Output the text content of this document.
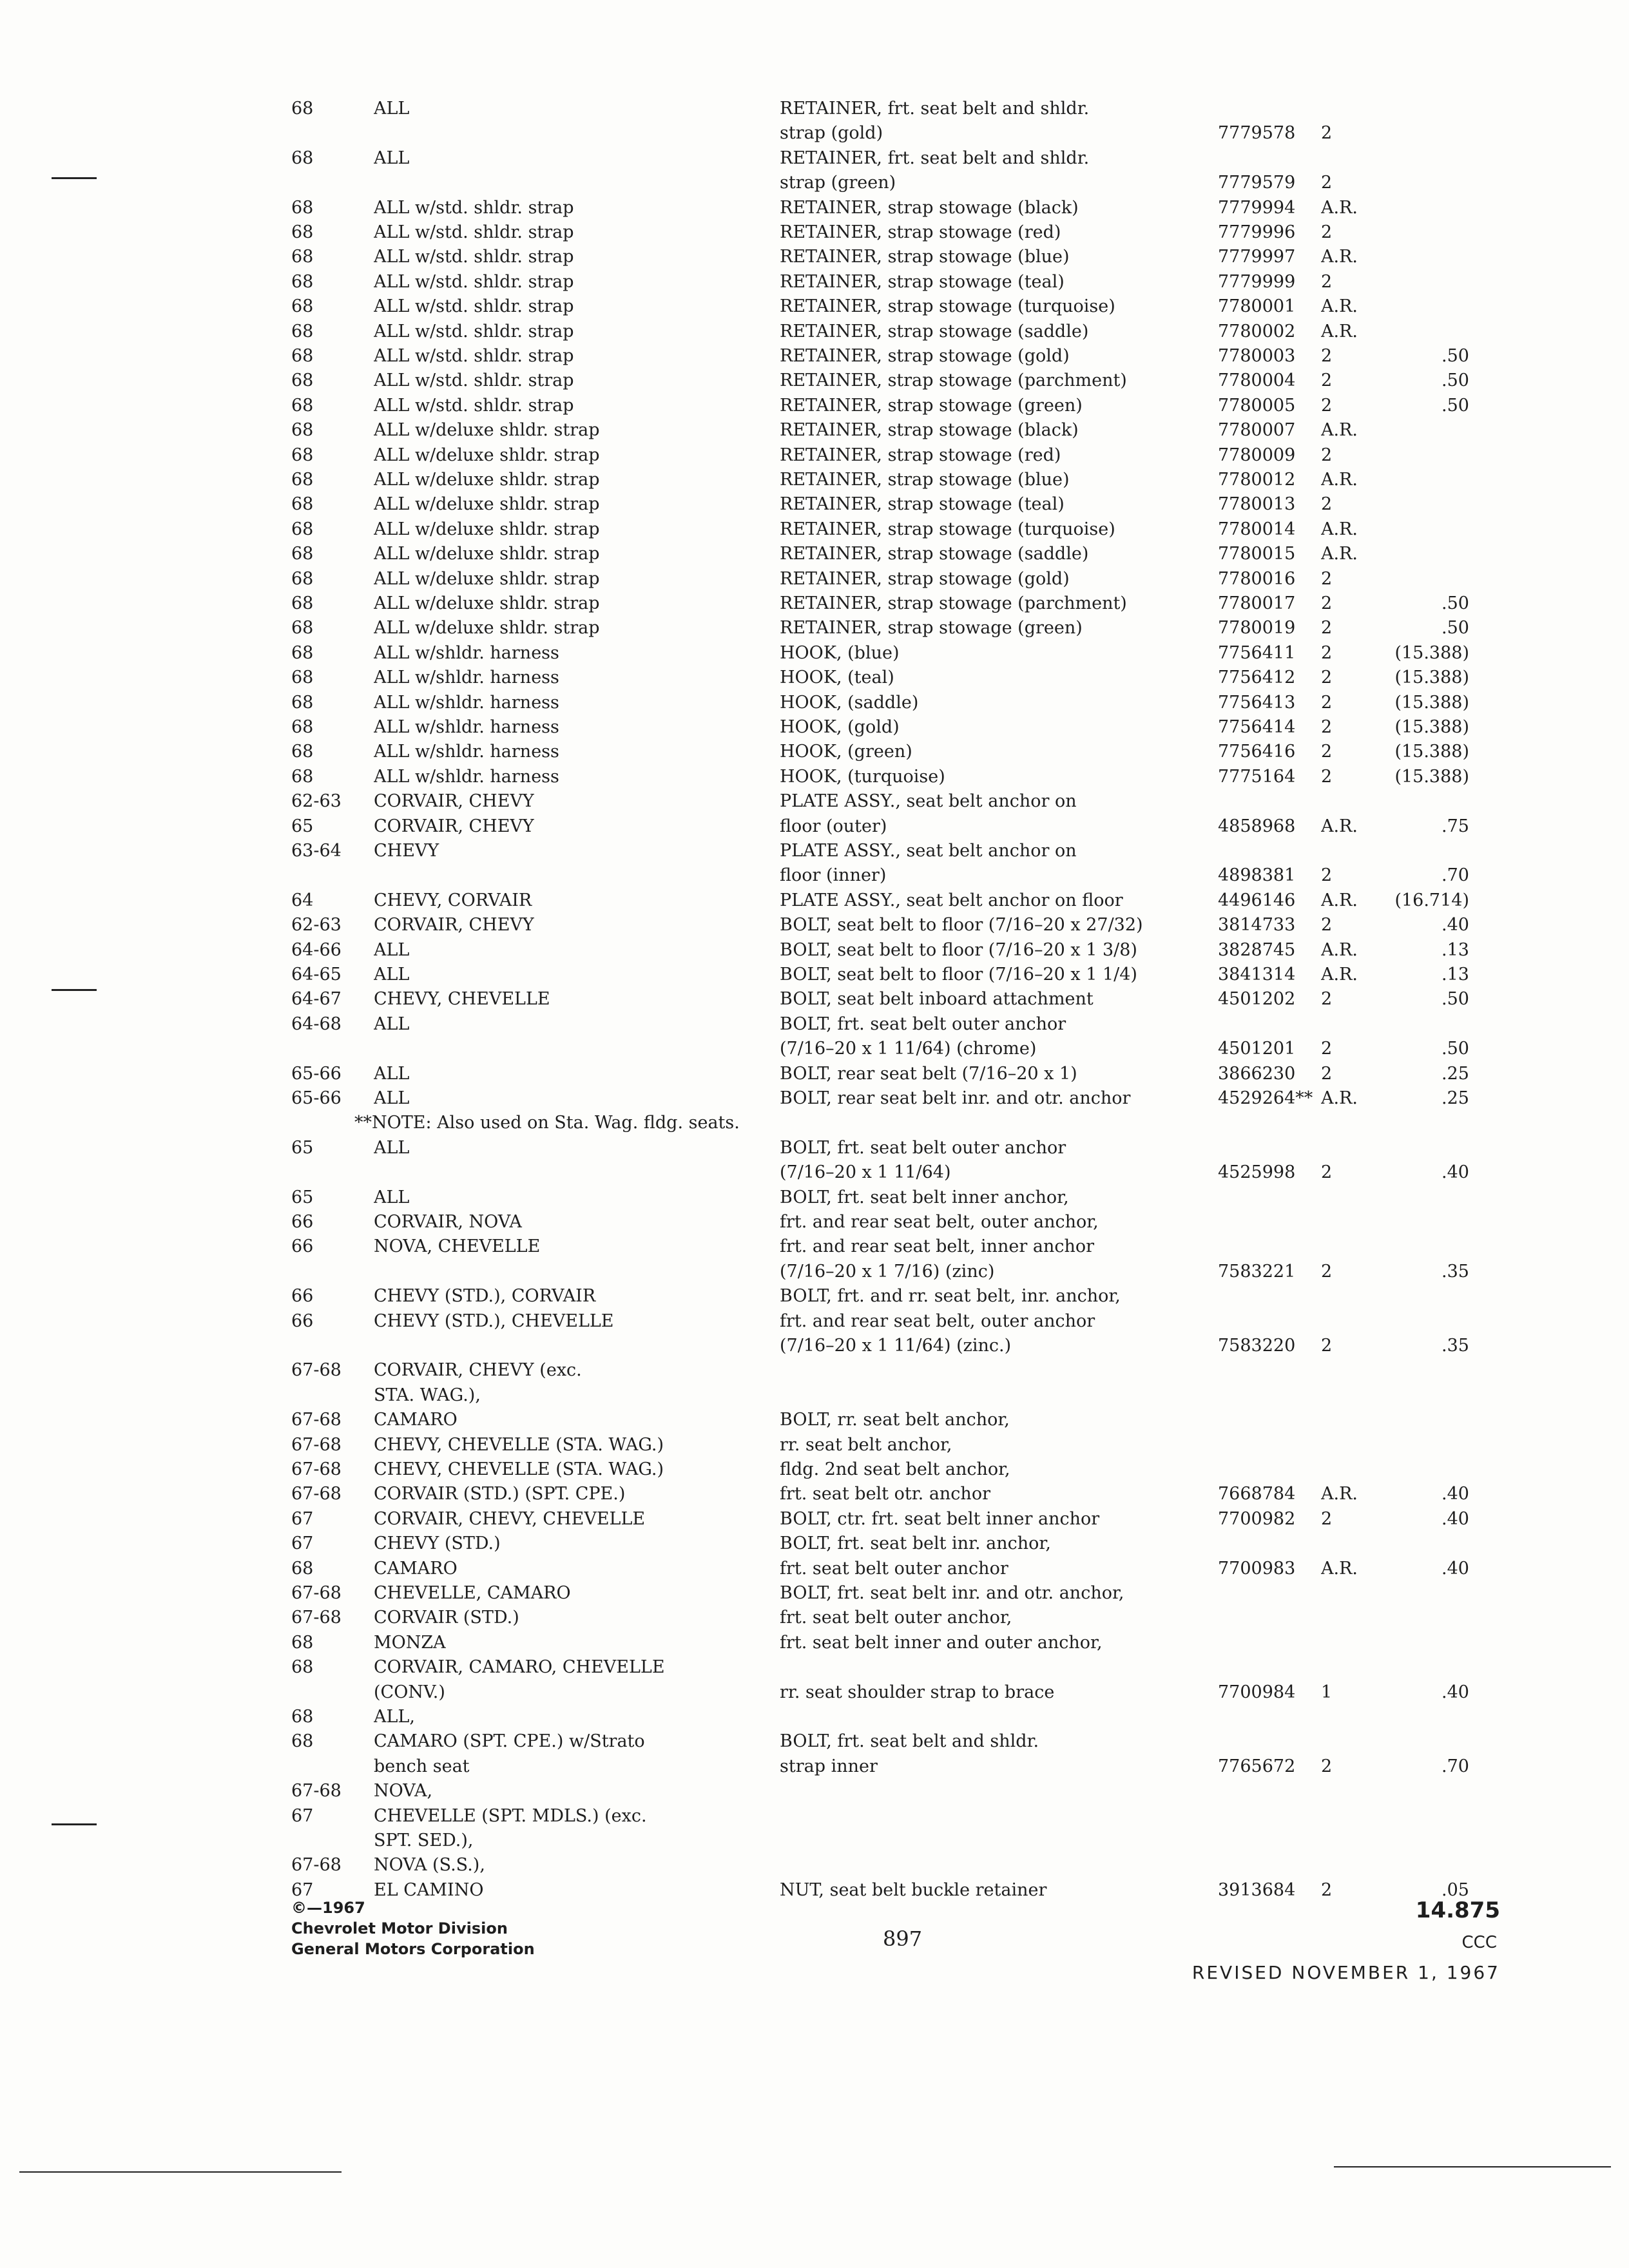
68	ALL	RETAINER, frt. seat belt and shldr.
strap (gold)	7779578	2
68	ALL	RETAINER, frt. seat belt and shldr.
strap (green)	7779579	2
68	ALL w/std. shldr. strap	RETAINER, strap stowage (black)	7779994	A.R.
68	ALL w/std. shldr. strap	RETAINER, strap stowage (red)	7779996	2
68	ALL w/std. shldr. strap	RETAINER, strap stowage (blue)	7779997	A.R.
68	ALL w/std. shldr. strap	RETAINER, strap stowage (teal)	7779999	2
68	ALL w/std. shldr. strap	RETAINER, strap stowage (turquoise)	7780001	A.R.
68	ALL w/std. shldr. strap	RETAINER, strap stowage (saddle)	7780002	A.R.
68	ALL w/std. shldr. strap	RETAINER, strap stowage (gold)	7780003	2	.50
68	ALL w/std. shldr. strap	RETAINER, strap stowage (parchment)	7780004	2	.50
68	ALL w/std. shldr. strap	RETAINER, strap stowage (green)	7780005	2	.50
68	ALL w/deluxe shldr. strap	RETAINER, strap stowage (black)	7780007	A.R.
68	ALL w/deluxe shldr. strap	RETAINER, strap stowage (red)	7780009	2
68	ALL w/deluxe shldr. strap	RETAINER, strap stowage (blue)	7780012	A.R.
68	ALL w/deluxe shldr. strap	RETAINER, strap stowage (teal)	7780013	2
68	ALL w/deluxe shldr. strap	RETAINER, strap stowage (turquoise)	7780014	A.R.
68	ALL w/deluxe shldr. strap	RETAINER, strap stowage (saddle)	7780015	A.R.
68	ALL w/deluxe shldr. strap	RETAINER, strap stowage (gold)	7780016	2
68	ALL w/deluxe shldr. strap	RETAINER, strap stowage (parchment)	7780017	2	.50
68	ALL w/deluxe shldr. strap	RETAINER, strap stowage (green)	7780019	2	.50
68	ALL w/shldr. harness	HOOK, (blue)	7756411	2	(15.388)
68	ALL w/shldr. harness	HOOK, (teal)	7756412	2	(15.388)
68	ALL w/shldr. harness	HOOK, (saddle)	7756413	2	(15.388)
68	ALL w/shldr. harness	HOOK, (gold)	7756414	2	(15.388)
68	ALL w/shldr. harness	HOOK, (green)	7756416	2	(15.388)
68	ALL w/shldr. harness	HOOK, (turquoise)	7775164	2	(15.388)
62-63	CORVAIR, CHEVY	PLATE ASSY., seat belt anchor on
65	CORVAIR, CHEVY	floor (outer)	4858968	A.R.	.75
63-64	CHEVY	PLATE ASSY., seat belt anchor on
floor (inner)	4898381	2	.70
64	CHEVY, CORVAIR	PLATE ASSY., seat belt anchor on floor	4496146	A.R.	(16.714)
62-63	CORVAIR, CHEVY	BOLT, seat belt to floor (7/16–20 x 27/32)	3814733	2	.40
64-66	ALL	BOLT, seat belt to floor (7/16–20 x 1 3/8)	3828745	A.R.	.13
64-65	ALL	BOLT, seat belt to floor (7/16–20 x 1 1/4)	3841314	A.R.	.13
64-67	CHEVY, CHEVELLE	BOLT, seat belt inboard attachment	4501202	2	.50
64-68	ALL	BOLT, frt. seat belt outer anchor
(7/16–20 x 1 11/64) (chrome)	4501201	2	.50
65-66	ALL	BOLT, rear seat belt (7/16–20 x 1)	3866230	2	.25
65-66	ALL	BOLT, rear seat belt inr. and otr. anchor	4529264** A.R.	.25
**NOTE: Also used on Sta. Wag. fldg. seats.
65	ALL	BOLT, frt. seat belt outer anchor
(7/16–20 x 1 11/64)	4525998	2	.40
65	ALL	BOLT, frt. seat belt inner anchor,
66	CORVAIR, NOVA	frt. and rear seat belt, outer anchor,
66	NOVA, CHEVELLE	frt. and rear seat belt, inner anchor
(7/16–20 x 1 7/16) (zinc)	7583221	2	.35
66	CHEVY (STD.), CORVAIR	BOLT, frt. and rr. seat belt, inr. anchor,
66	CHEVY (STD.), CHEVELLE	frt. and rear seat belt, outer anchor
(7/16–20 x 1 11/64) (zinc.)	7583220	2	.35
67-68	CORVAIR, CHEVY (exc.
STA. WAG.),
67-68	CAMARO	BOLT, rr. seat belt anchor,
67-68	CHEVY, CHEVELLE (STA. WAG.)	rr. seat belt anchor,
67-68	CHEVY, CHEVELLE (STA. WAG.)	fldg. 2nd seat belt anchor,
67-68	CORVAIR (STD.) (SPT. CPE.)	frt. seat belt otr. anchor	7668784	A.R.	.40
67	CORVAIR, CHEVY, CHEVELLE	BOLT, ctr. frt. seat belt inner anchor	7700982	2	.40
67	CHEVY (STD.)	BOLT, frt. seat belt inr. anchor,
68	CAMARO	frt. seat belt outer anchor	7700983	A.R.	.40
67-68	CHEVELLE, CAMARO	BOLT, frt. seat belt inr. and otr. anchor,
67-68	CORVAIR (STD.)	frt. seat belt outer anchor,
68	MONZA	frt. seat belt inner and outer anchor,
68	CORVAIR, CAMARO, CHEVELLE
(CONV.)	rr. seat shoulder strap to brace	7700984	1	.40
68	ALL,
68	CAMARO (SPT. CPE.) w/Strato	BOLT, frt. seat belt and shldr.
bench seat	strap inner	7765672	2	.70
67-68	NOVA,
67	CHEVELLE (SPT. MDLS.) (exc.
SPT. SED.),
67-68	NOVA (S.S.),
67	EL CAMINO	NUT, seat belt buckle retainer	3913684	2	.05
©—1967
Chevrolet Motor Division
General Motors Corporation	897
14.875
CCC
REVISED NOVEMBER 1, 1967
